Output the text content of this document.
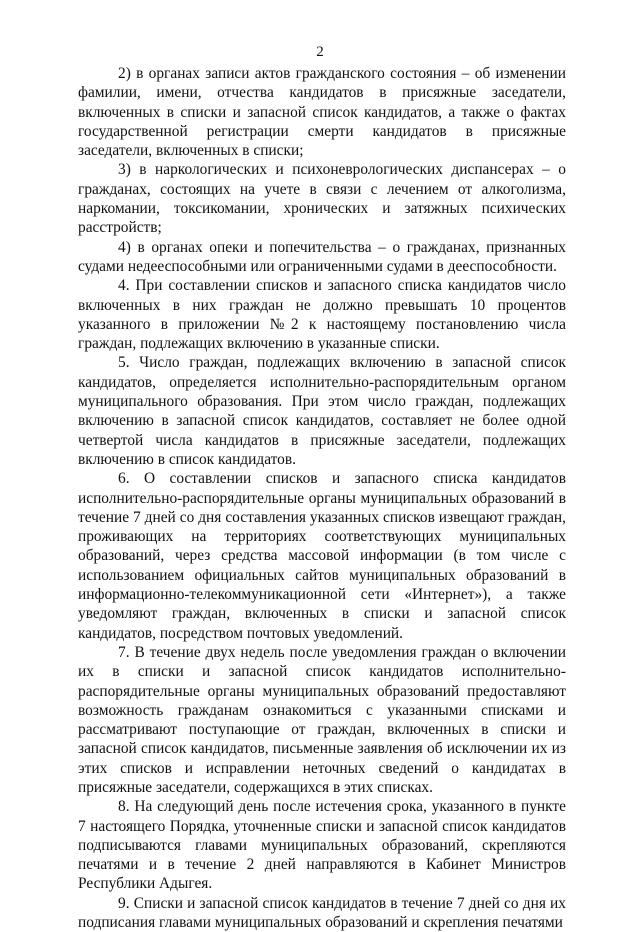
2

2) в органах записи актов гражданского состояния – об изменении фамилии, имени, отчества кандидатов в присяжные заседатели, включенных в списки и запасной список кандидатов, а также о фактах государственной регистрации смерти кандидатов в присяжные заседатели, включенных в списки;

3) в наркологических и психоневрологических диспансерах – о гражданах, состоящих на учете в связи с лечением от алкоголизма, наркомании, токсикомании, хронических и затяжных психических расстройств;

4) в органах опеки и попечительства – о гражданах, признанных судами недееспособными или ограниченными судами в дееспособности.

4. При составлении списков и запасного списка кандидатов число включенных в них граждан не должно превышать 10 процентов указанного в приложении №2 к настоящему постановлению числа граждан, подлежащих включению в указанные списки.

5. Число граждан, подлежащих включению в запасной список кандидатов, определяется исполнительно-распорядительным органом муниципального образования. При этом число граждан, подлежащих включению в запасной список кандидатов, составляет не более одной четвертой числа кандидатов в присяжные заседатели, подлежащих включению в список кандидатов.

6. О составлении списков и запасного списка кандидатов исполнительно-распорядительные органы муниципальных образований в течение 7 дней со дня составления указанных списков извещают граждан, проживающих на территориях соответствующих муниципальных образований, через средства массовой информации (в том числе с использованием официальных сайтов муниципальных образований в информационно-телекоммуникационной сети «Интернет»), а также уведомляют граждан, включенных в списки и запасной список кандидатов, посредством почтовых уведомлений.

7. В течение двух недель после уведомления граждан о включении их в списки и запасной список кандидатов исполнительно-распорядительные органы муниципальных образований предоставляют возможность гражданам ознакомиться с указанными списками и рассматривают поступающие от граждан, включенных в списки и запасной список кандидатов, письменные заявления об исключении их из этих списков и исправлении неточных сведений о кандидатах в присяжные заседатели, содержащихся в этих списках.

8. На следующий день после истечения срока, указанного в пункте 7 настоящего Порядка, уточненные списки и запасной список кандидатов подписываются главами муниципальных образований, скрепляются печатями и в течение 2 дней направляются в Кабинет Министров Республики Адыгея.

9. Списки и запасной список кандидатов в течение 7 дней со дня их подписания главами муниципальных образований и скрепления печатями
